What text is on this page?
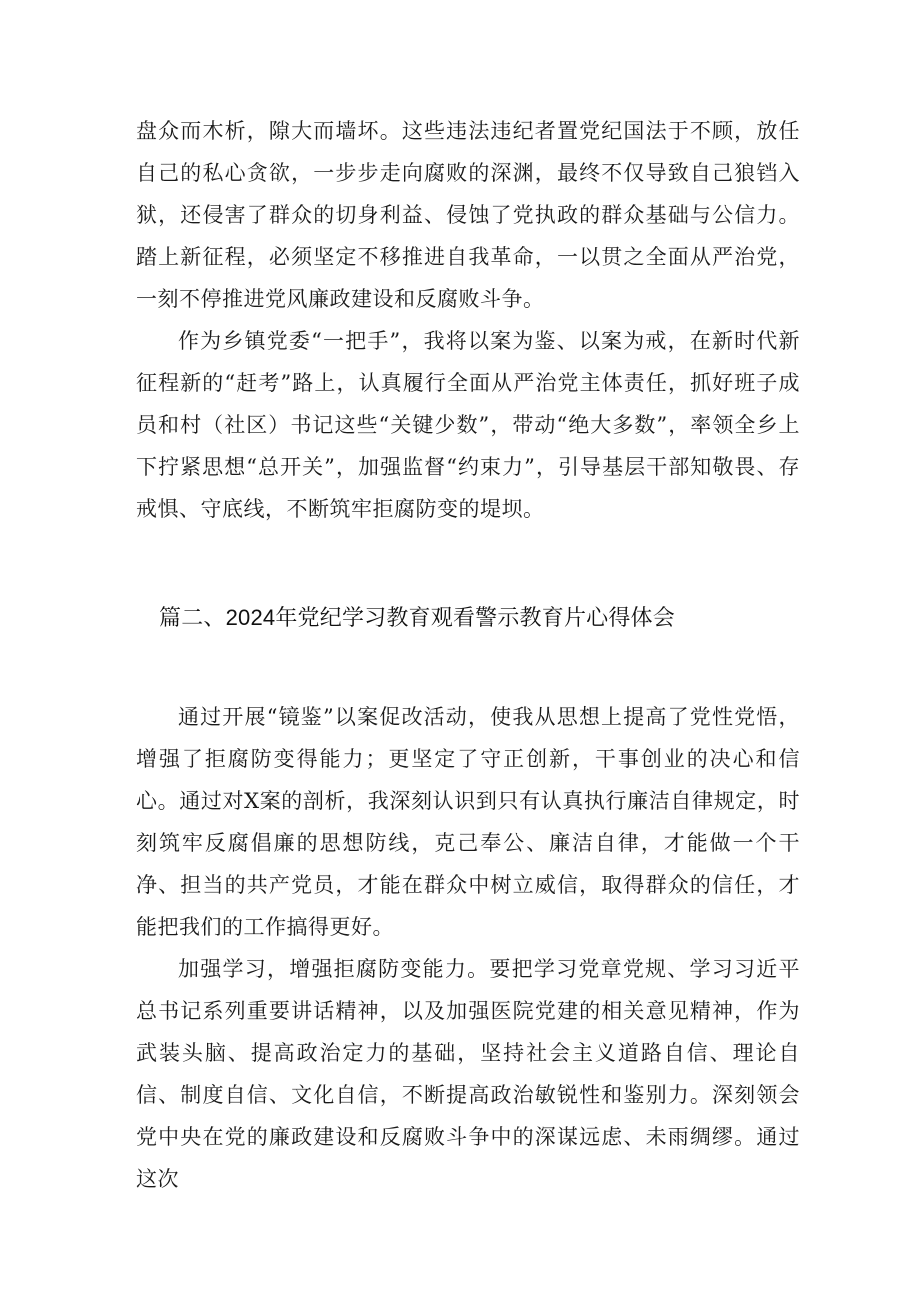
盘众而木析，隙大而墙坏。这些违法违纪者置党纪国法于不顾，放任自己的私心贪欲，一步步走向腐败的深渊，最终不仅导致自己狼铛入狱，还侵害了群众的切身利益、侵蚀了党执政的群众基础与公信力。踏上新征程，必须坚定不移推进自我革命，一以贯之全面从严治党，一刻不停推进党风廉政建设和反腐败斗争。

作为乡镇党委“一把手”，我将以案为鉴、以案为戒，在新时代新征程新的“赶考”路上，认真履行全面从严治党主体责任，抓好班子成员和村（社区）书记这些“关键少数”，带动“绝大多数”，率领全乡上下拧紧思想“总开关”，加强监督“约束力”，引导基层干部知敬畏、存戒惧、守底线，不断筑牢拒腐防变的堤坝。

篇二、2024年党纪学习教育观看警示教育片心得体会

通过开展“镜鉴”以案促改活动，使我从思想上提高了党性党悟，增强了拒腐防变得能力；更坚定了守正创新，干事创业的决心和信心。通过对X案的剖析，我深刻认识到只有认真执行廉洁自律规定，时刻筑牢反腐倡廉的思想防线，克己奉公、廉洁自律，才能做一个干净、担当的共产党员，才能在群众中树立威信，取得群众的信任，才能把我们的工作搞得更好。

加强学习，增强拒腐防变能力。要把学习党章党规、学习习近平总书记系列重要讲话精神，以及加强医院党建的相关意见精神，作为武装头脑、提高政治定力的基础，坚持社会主义道路自信、理论自信、制度自信、文化自信，不断提高政治敏锐性和鉴别力。深刻领会党中央在党的廉政建设和反腐败斗争中的深谋远虑、未雨绸缪。通过这次
